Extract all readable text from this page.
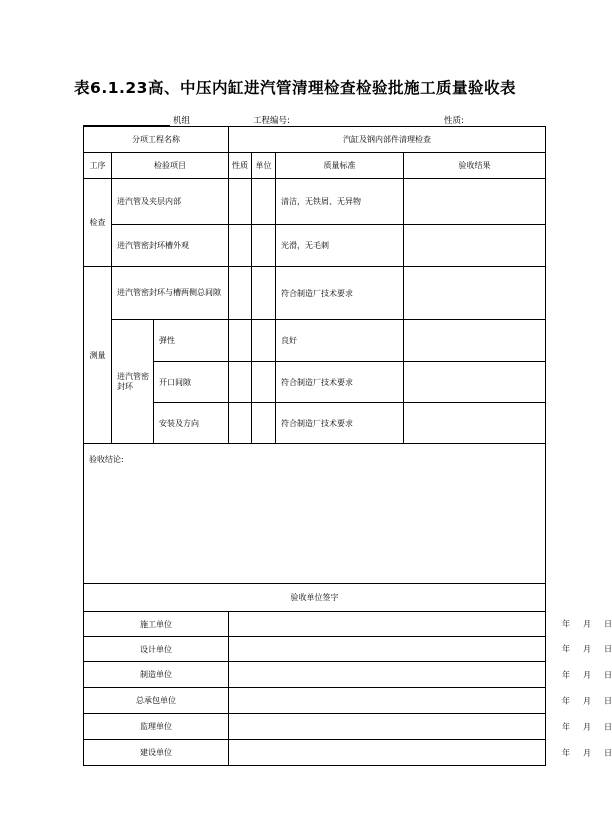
表6.1.23高、中压内缸进汽管清理检查检验批施工质量验收表
机组	工程编号:	性质:
分项工程名称			汽缸及钢内部件清理检查			
工序	检验项目		性质	单位	质量标准	验收结果
检查	进汽管及夹层内部				清洁，无铁屑、无异物	
	进汽管密封环槽外观				光滑，无毛刺	
测量	进汽管密封环与槽两侧总间隙				符合制造厂技术要求	
	进汽管密封环	弹性			良好	
		开口间隙			符合制造厂技术要求	
		安装及方向			符合制造厂技术要求	
验收结论:						
验收单位签字						
施工单位			年 月 日			

设计单位			年 月 日			

制造单位			年 月 日			

总承包单位			年 月 日			

监理单位			年 月 日			

建设单位			年 月 日			
